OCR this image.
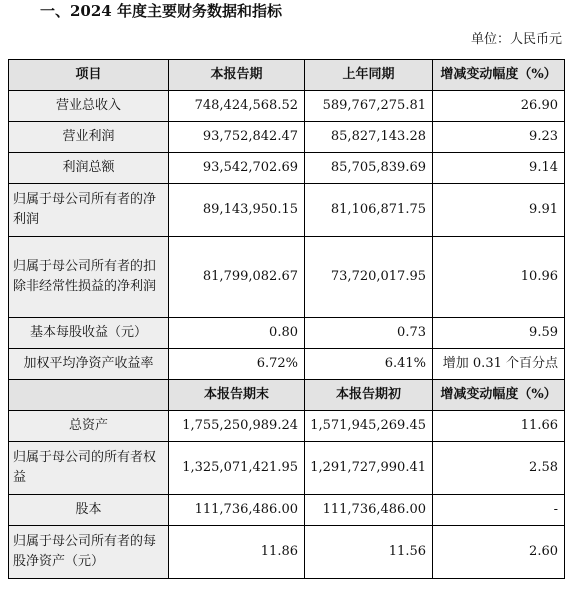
一、2024 年度主要财务数据和指标
单位：人民币元
项目	本报告期	上年同期	增减变动幅度（%）
营业总收入	748,424,568.52	589,767,275.81	26.90
营业利润	93,752,842.47	85,827,143.28	9.23
利润总额	93,542,702.69	85,705,839.69	9.14
归属于母公司所有者的净利润	89,143,950.15	81,106,871.75	9.91
归属于母公司所有者的扣除非经常性损益的净利润	81,799,082.67	73,720,017.95	10.96
基本每股收益（元）	0.80	0.73	9.59
加权平均净资产收益率	6.72%	6.41%	增加 0.31 个百分点
	本报告期末	本报告期初	增减变动幅度（%）
总资产	1,755,250,989.24	1,571,945,269.45	11.66
归属于母公司的所有者权益	1,325,071,421.95	1,291,727,990.41	2.58
股本	111,736,486.00	111,736,486.00	-
归属于母公司所有者的每股净资产（元）	11.86	11.56	2.60
